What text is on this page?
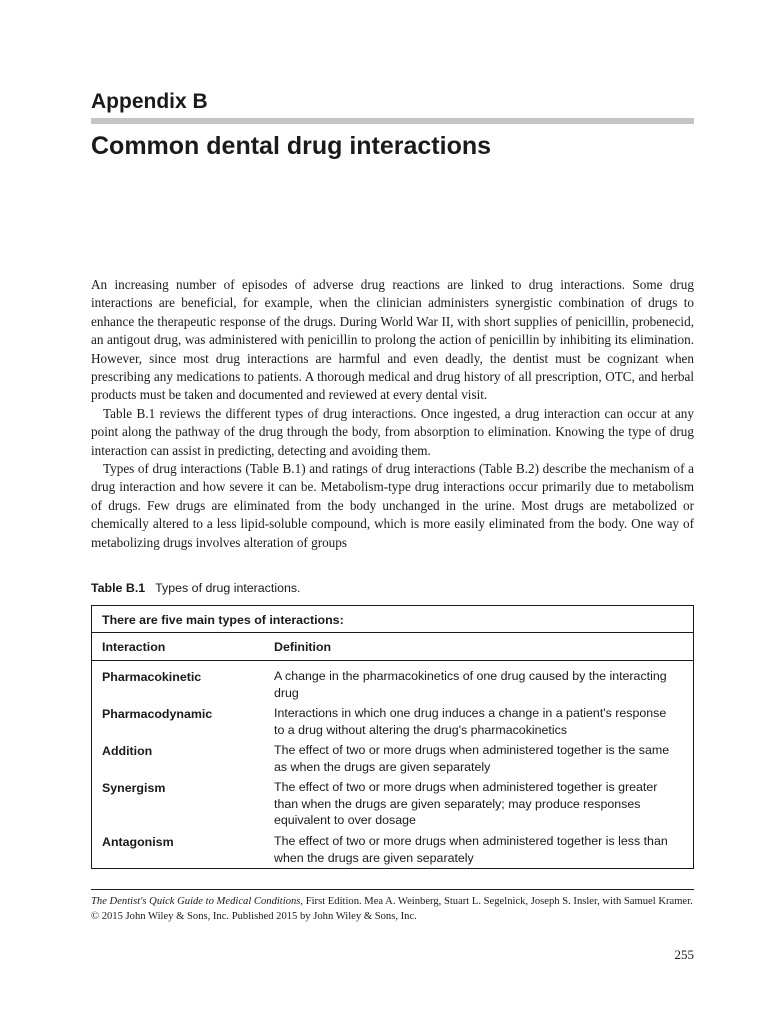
Appendix B
Common dental drug interactions

An increasing number of episodes of adverse drug reactions are linked to drug interactions. Some drug interactions are beneficial, for example, when the clinician administers synergistic combination of drugs to enhance the therapeutic response of the drugs. During World War II, with short supplies of penicillin, probenecid, an antigout drug, was administered with penicillin to prolong the action of penicillin by inhibiting its elimination. However, since most drug interactions are harmful and even deadly, the dentist must be cognizant when prescribing any medications to patients. A thorough medical and drug history of all prescription, OTC, and herbal products must be taken and documented and reviewed at every dental visit.

Table B.1 reviews the different types of drug interactions. Once ingested, a drug interaction can occur at any point along the pathway of the drug through the body, from absorption to elimination. Knowing the type of drug interaction can assist in predicting, detecting and avoiding them.

Types of drug interactions (Table B.1) and ratings of drug interactions (Table B.2) describe the mechanism of a drug interaction and how severe it can be. Metabolism-type drug interactions occur primarily due to metabolism of drugs. Few drugs are eliminated from the body unchanged in the urine. Most drugs are metabolized or chemically altered to a less lipid-soluble compound, which is more easily eliminated from the body. One way of metabolizing drugs involves alteration of groups

Table B.1 Types of drug interactions.

There are five main types of interactions:
Interaction	Definition
Pharmacokinetic	A change in the pharmacokinetics of one drug caused by the interacting drug
Pharmacodynamic	Interactions in which one drug induces a change in a patient's response to a drug without altering the drug's pharmacokinetics
Addition	The effect of two or more drugs when administered together is the same as when the drugs are given separately
Synergism	The effect of two or more drugs when administered together is greater than when the drugs are given separately; may produce responses equivalent to over dosage
Antagonism	The effect of two or more drugs when administered together is less than when the drugs are given separately

The Dentist's Quick Guide to Medical Conditions, First Edition. Mea A. Weinberg, Stuart L. Segelnick, Joseph S. Insler, with Samuel Kramer.
© 2015 John Wiley & Sons, Inc. Published 2015 by John Wiley & Sons, Inc.

255
